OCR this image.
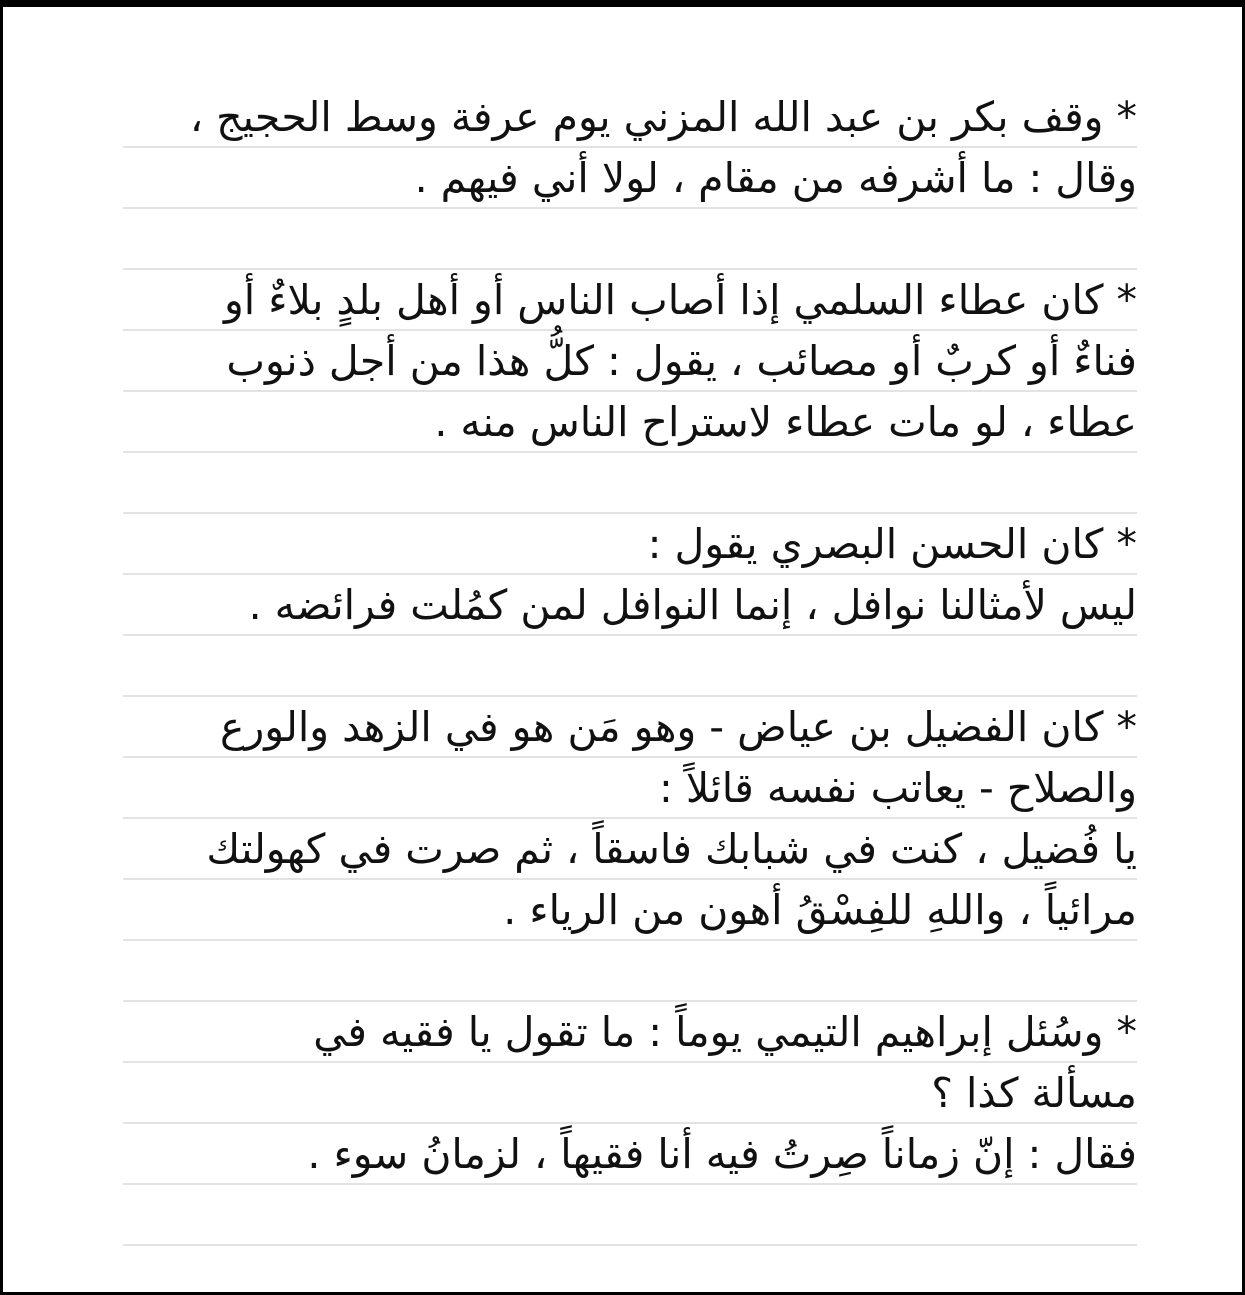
* وقف بكر بن عبد الله المزني يوم عرفة وسط الحجيج ،
وقال : ما أشرفه من مقام ، لولا أني فيهم .

* كان عطاء السلمي إذا أصاب الناس أو أهل بلدٍ بلاءٌ أو
فناءٌ أو كربٌ أو مصائب ، يقول : كلُّ هذا من أجل ذنوب
عطاء ، لو مات عطاء لاستراح الناس منه .

* كان الحسن البصري يقول :
ليس لأمثالنا نوافل ، إنما النوافل لمن كمُلت فرائضه .

* كان الفضيل بن عياض - وهو مَن هو في الزهد والورع
والصلاح - يعاتب نفسه قائلاً :
يا فُضيل ، كنت في شبابك فاسقاً ، ثم صرت في كهولتك
مرائياً ، واللهِ للفِسْقُ أهون من الرياء .

* وسُئل إبراهيم التيمي يوماً : ما تقول يا فقيه في
مسألة كذا ؟
فقال : إنّ زماناً صِرتُ فيه أنا فقيهاً ، لزمانُ سوء .
